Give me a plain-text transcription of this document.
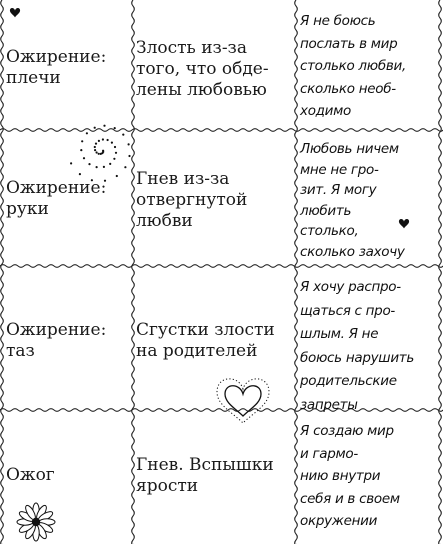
Ожирение:
плечи
Злость из-за
того, что обде-
лены любовью
Я не боюсь
послать в мир
столько любви,
сколько необ-
ходимо
Ожирение:
руки
Гнев из-за
отвергнутой
любви
Любовь ничем
мне не гро-
зит. Я могу
любить
столько,
сколько захочу
Ожирение:
таз
Сгустки злости
на родителей
Я хочу распро-
щаться с про-
шлым. Я не
боюсь нарушить
родительские
запреты
Ожог	Гнев. Вспышки
ярости
Я создаю мир
и гармо-
нию внутри
себя и в своем
окружении
